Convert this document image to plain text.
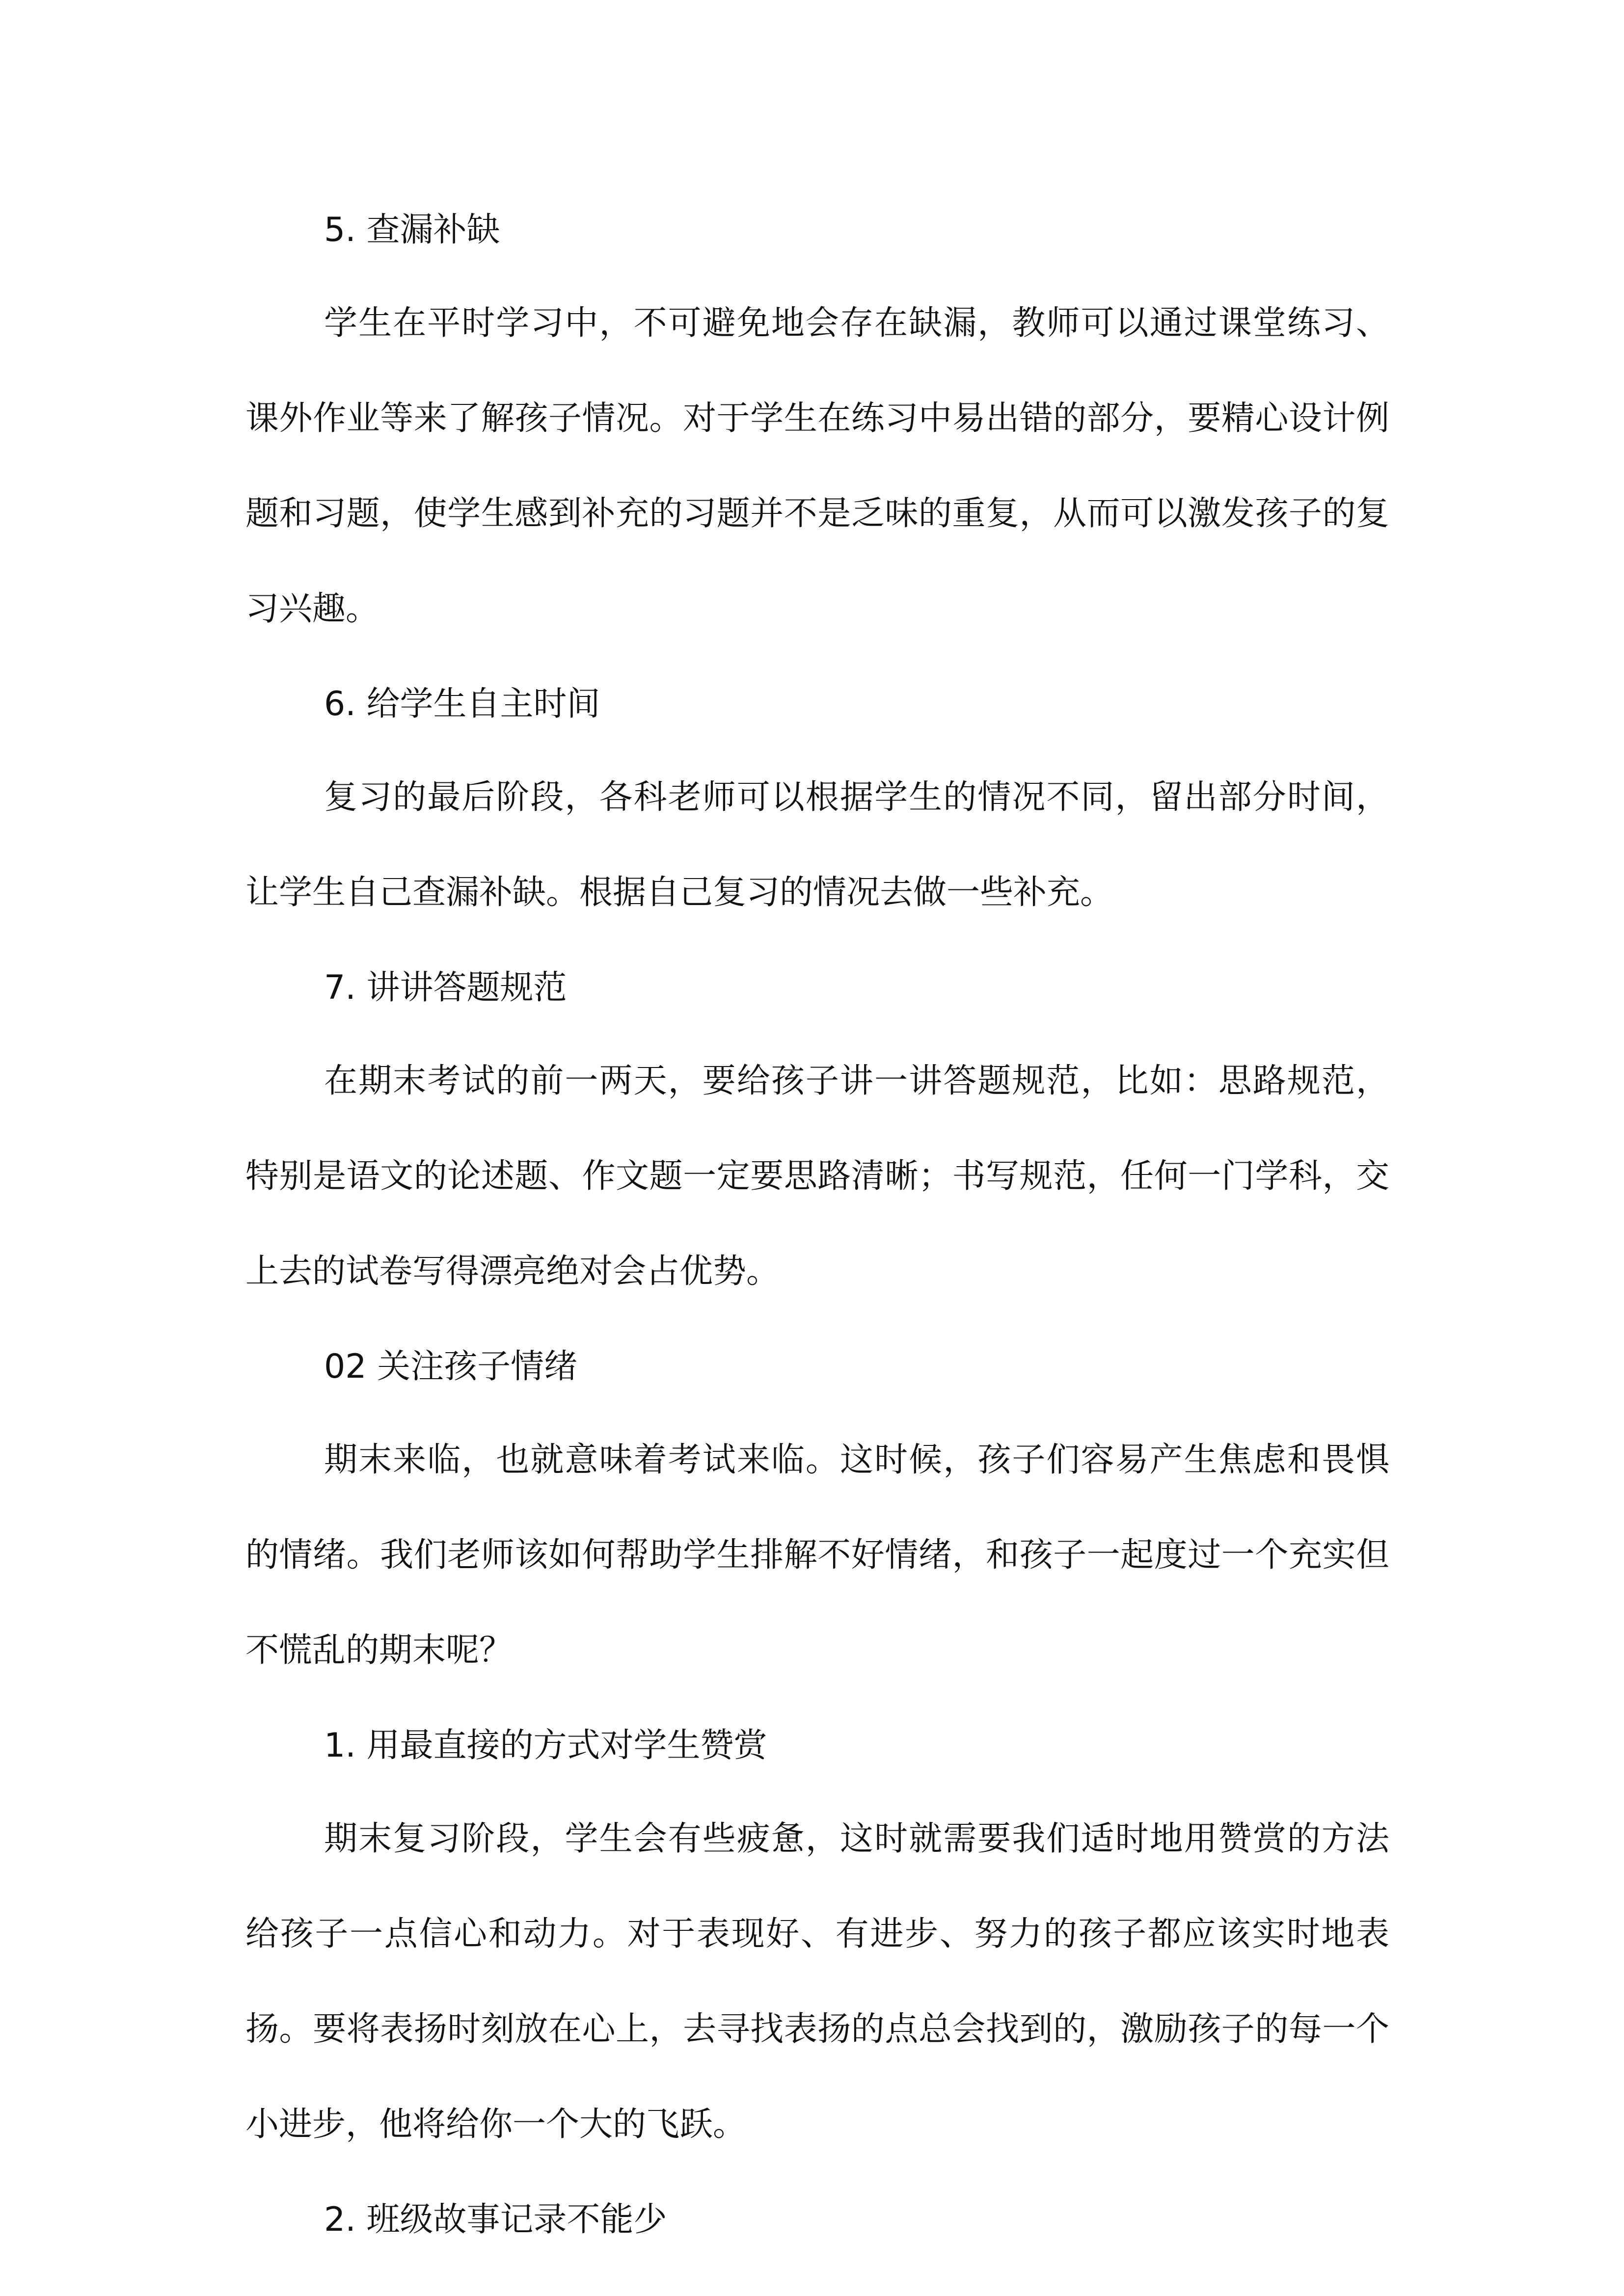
5. 查漏补缺

学生在平时学习中，不可避免地会存在缺漏，教师可以通过课堂练习、课外作业等来了解孩子情况。对于学生在练习中易出错的部分，要精心设计例题和习题，使学生感到补充的习题并不是乏味的重复，从而可以激发孩子的复习兴趣。

6. 给学生自主时间

复习的最后阶段，各科老师可以根据学生的情况不同，留出部分时间，让学生自己查漏补缺。根据自己复习的情况去做一些补充。

7. 讲讲答题规范

在期末考试的前一两天，要给孩子讲一讲答题规范，比如：思路规范，特别是语文的论述题、作文题一定要思路清晰；书写规范，任何一门学科，交上去的试卷写得漂亮绝对会占优势。

02 关注孩子情绪

期末来临，也就意味着考试来临。这时候，孩子们容易产生焦虑和畏惧的情绪。我们老师该如何帮助学生排解不好情绪，和孩子一起度过一个充实但不慌乱的期末呢？

1. 用最直接的方式对学生赞赏

期末复习阶段，学生会有些疲惫，这时就需要我们适时地用赞赏的方法给孩子一点信心和动力。对于表现好、有进步、努力的孩子都应该实时地表扬。要将表扬时刻放在心上，去寻找表扬的点总会找到的，激励孩子的每一个小进步，他将给你一个大的飞跃。

2. 班级故事记录不能少
